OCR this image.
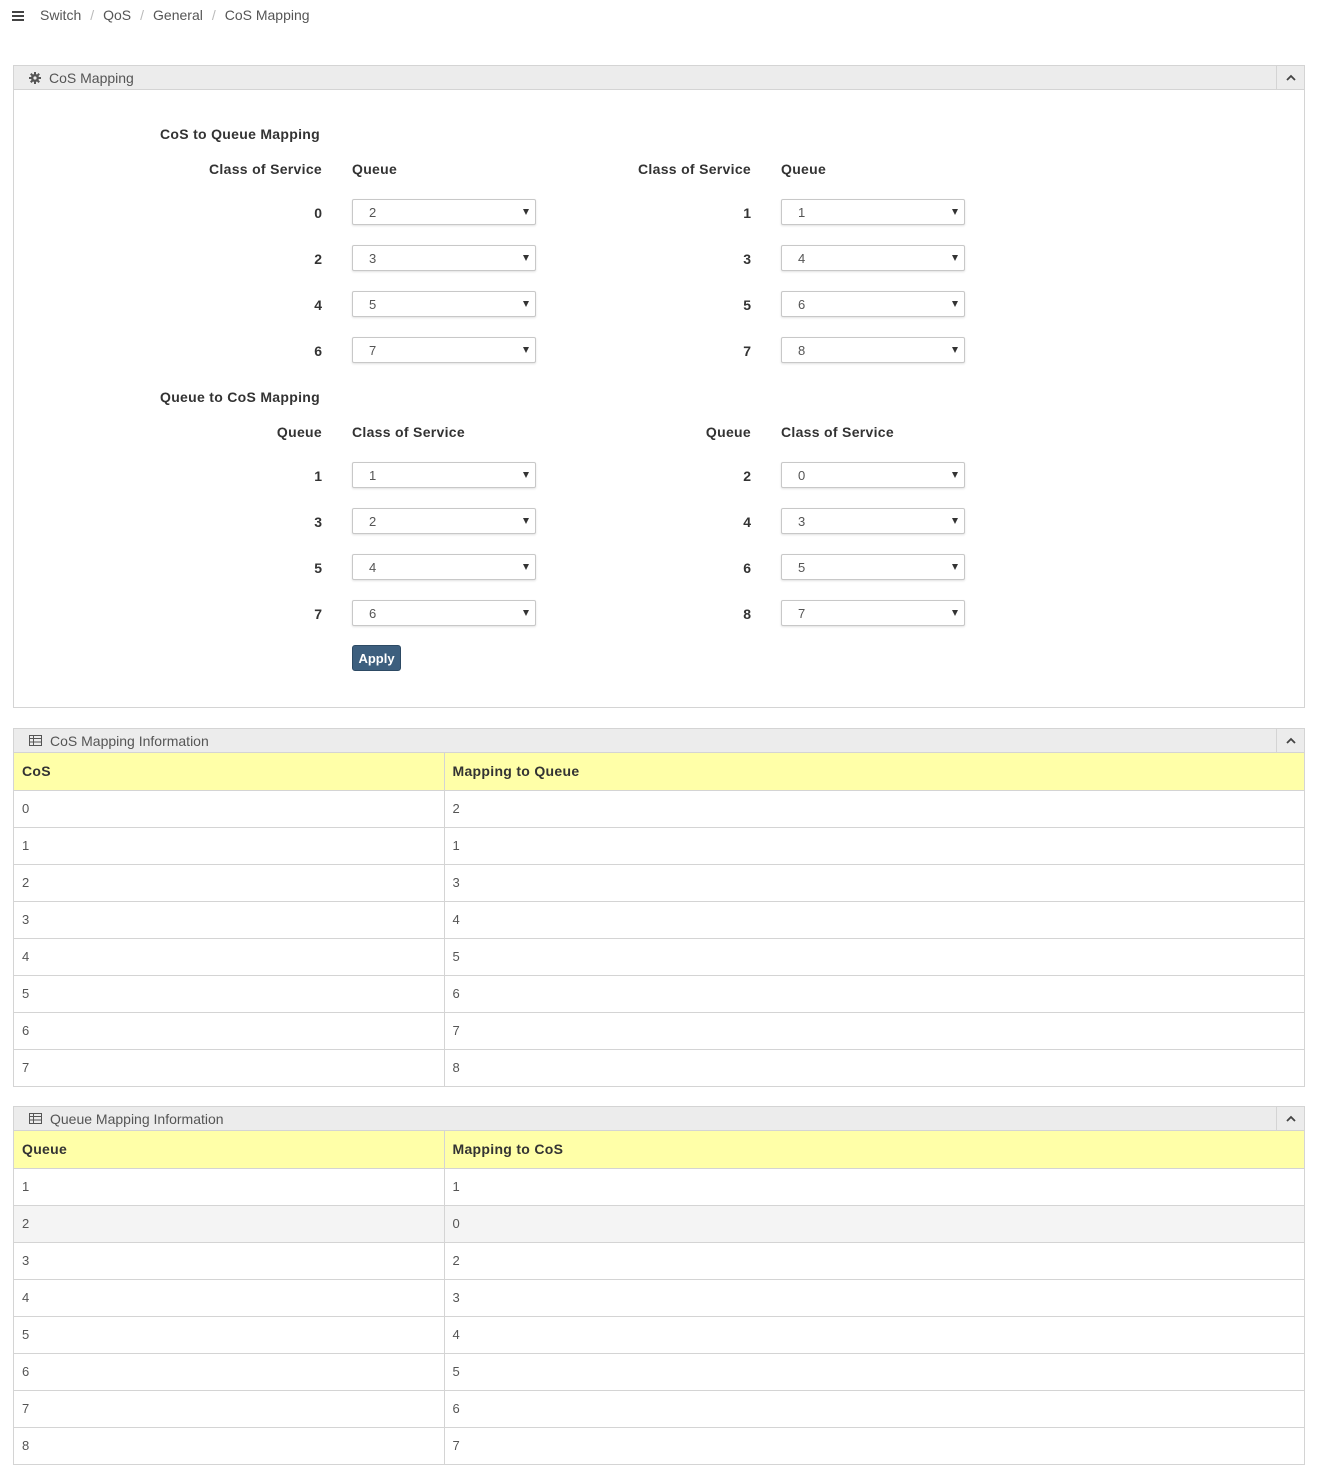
Switch / QoS / General / CoS Mapping
CoS Mapping
CoS to Queue Mapping
Class of Service Queue	Class of Service Queue
0	2	1	1
2	3	3	4
4	5	5	6
6	7	7	8
Queue to CoS Mapping
Queue Class of Service	Queue Class of Service
1	1	2	0
3	2	4	3
5	4	6	5
7	6	8	7
Apply
CoS Mapping Information
CoS	Mapping to Queue
0	2
1	1
2	3
3	4
4	5
5	6
6	7
7	8
Queue Mapping Information
Queue	Mapping to CoS
1	1
2	0
3	2
4	3
5	4
6	5
7	6
8	7
